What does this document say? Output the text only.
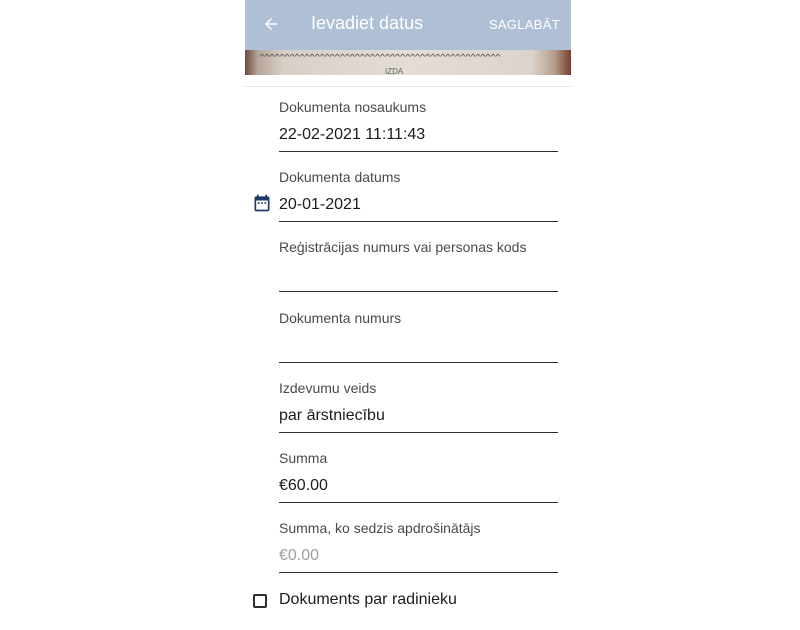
Ievadiet datus	SAGLABĀT
^^^^^^^^^^^^^^^^^^^^^^^^^^^^^^^^^^^^^^^^^^^^^^^^
IZDA
Dokumenta nosaukums
22-02-2021 11:11:43
Dokumenta datums
20-01-2021
Reģistrācijas numurs vai personas kods
Dokumenta numurs
Izdevumu veids
par ārstniecību
Summa
€60.00
Summa, ko sedzis apdrošinātājs
€0.00
Dokuments par radinieku
